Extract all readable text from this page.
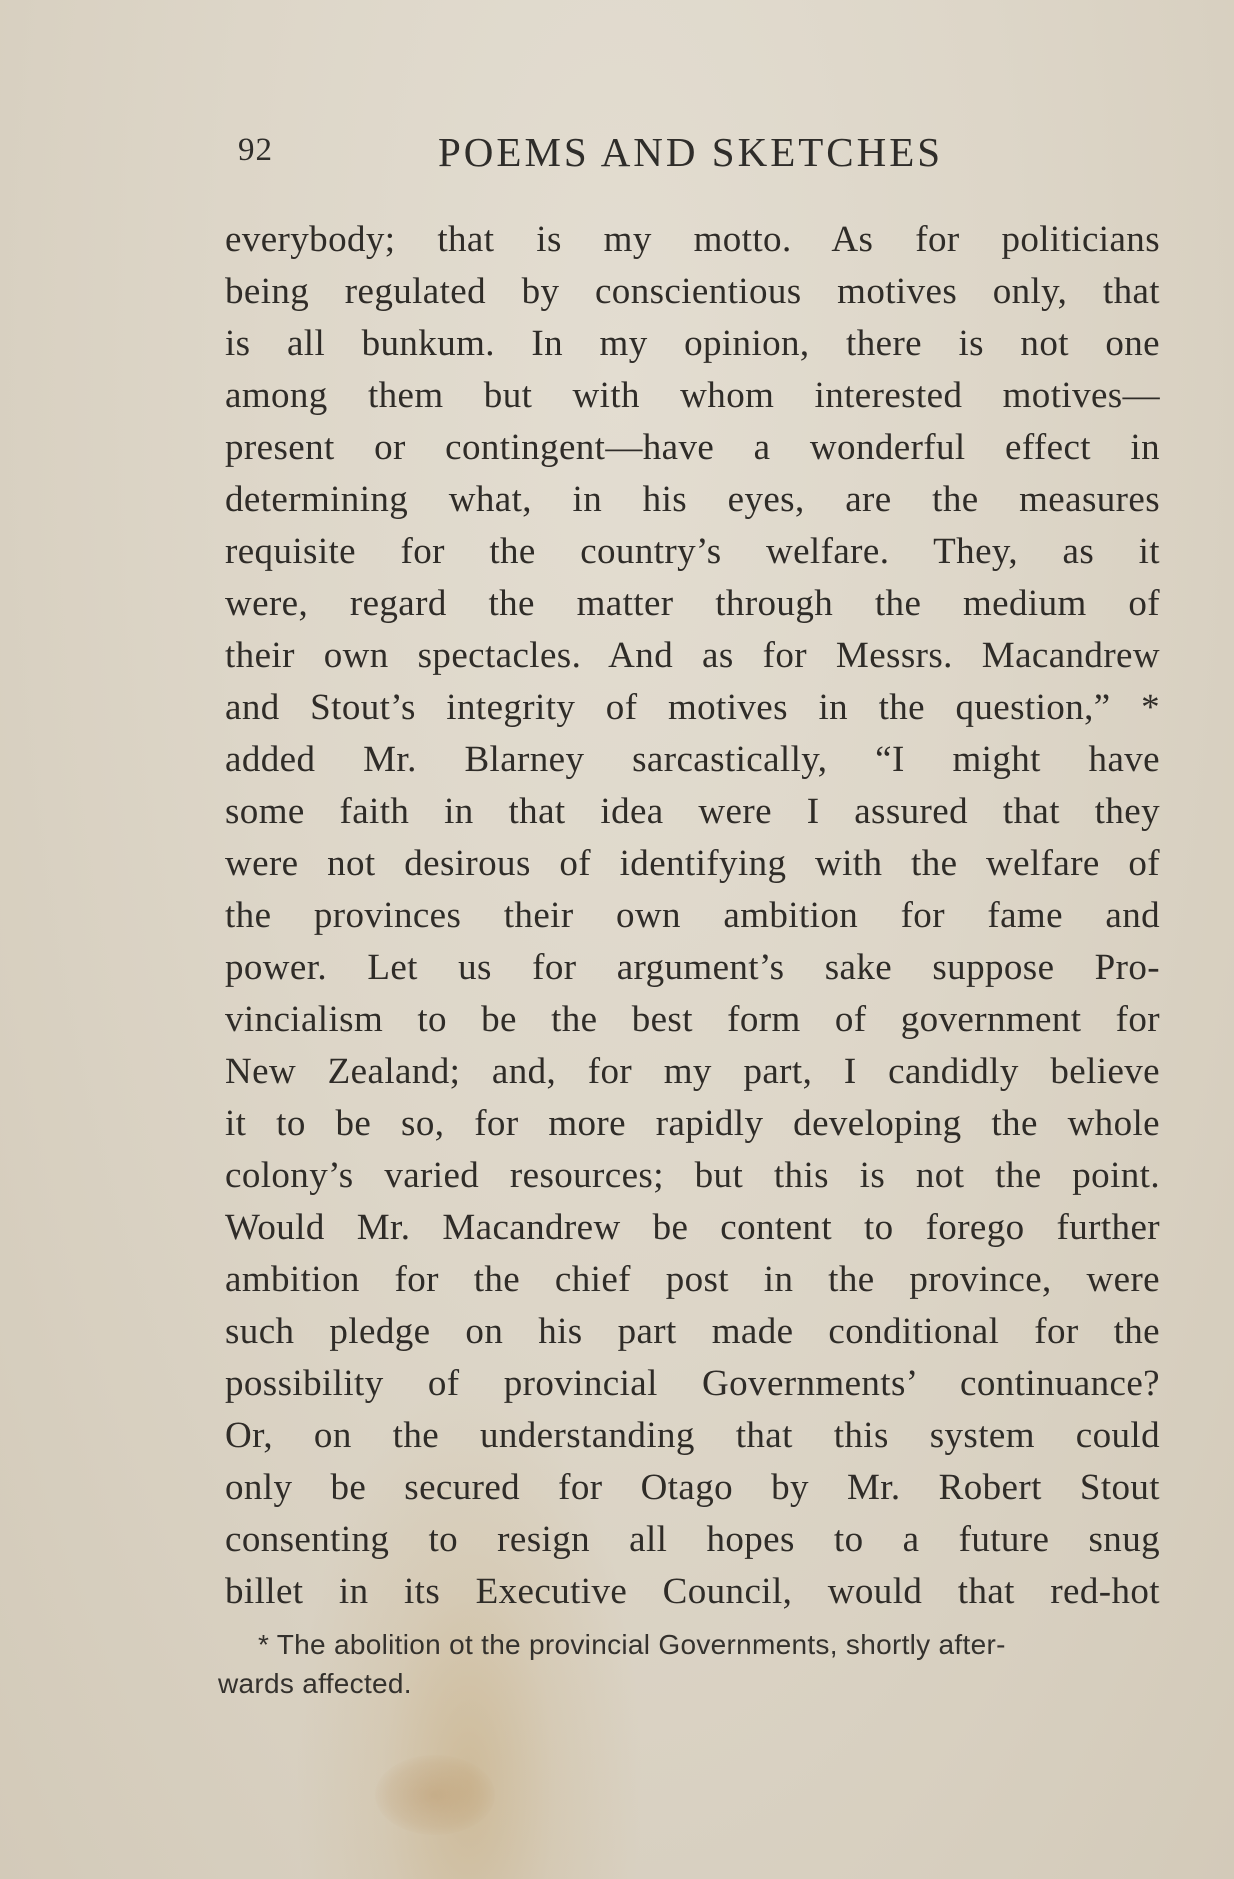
92	POEMS AND SKETCHES
everybody; that is my motto. As for politicians
being regulated by conscientious motives only, that
is all bunkum. In my opinion, there is not one
among them but with whom interested motives—
present or contingent—have a wonderful effect in
determining what, in his eyes, are the measures
requisite for the country’s welfare. They, as it
were, regard the matter through the medium of
their own spectacles. And as for Messrs. Macandrew
and Stout’s integrity of motives in the question,” *
added Mr. Blarney sarcastically, “I might have
some faith in that idea were I assured that they
were not desirous of identifying with the welfare of
the provinces their own ambition for fame and
power. Let us for argument’s sake suppose Pro-
vincialism to be the best form of government for
New Zealand; and, for my part, I candidly believe
it to be so, for more rapidly developing the whole
colony’s varied resources; but this is not the point.
Would Mr. Macandrew be content to forego further
ambition for the chief post in the province, were
such pledge on his part made conditional for the
possibility of provincial Governments’ continuance?
Or, on the understanding that this system could
only be secured for Otago by Mr. Robert Stout
consenting to resign all hopes to a future snug
billet in its Executive Council, would that red-hot
* The abolition ot the provincial Governments, shortly after-
wards affected.
